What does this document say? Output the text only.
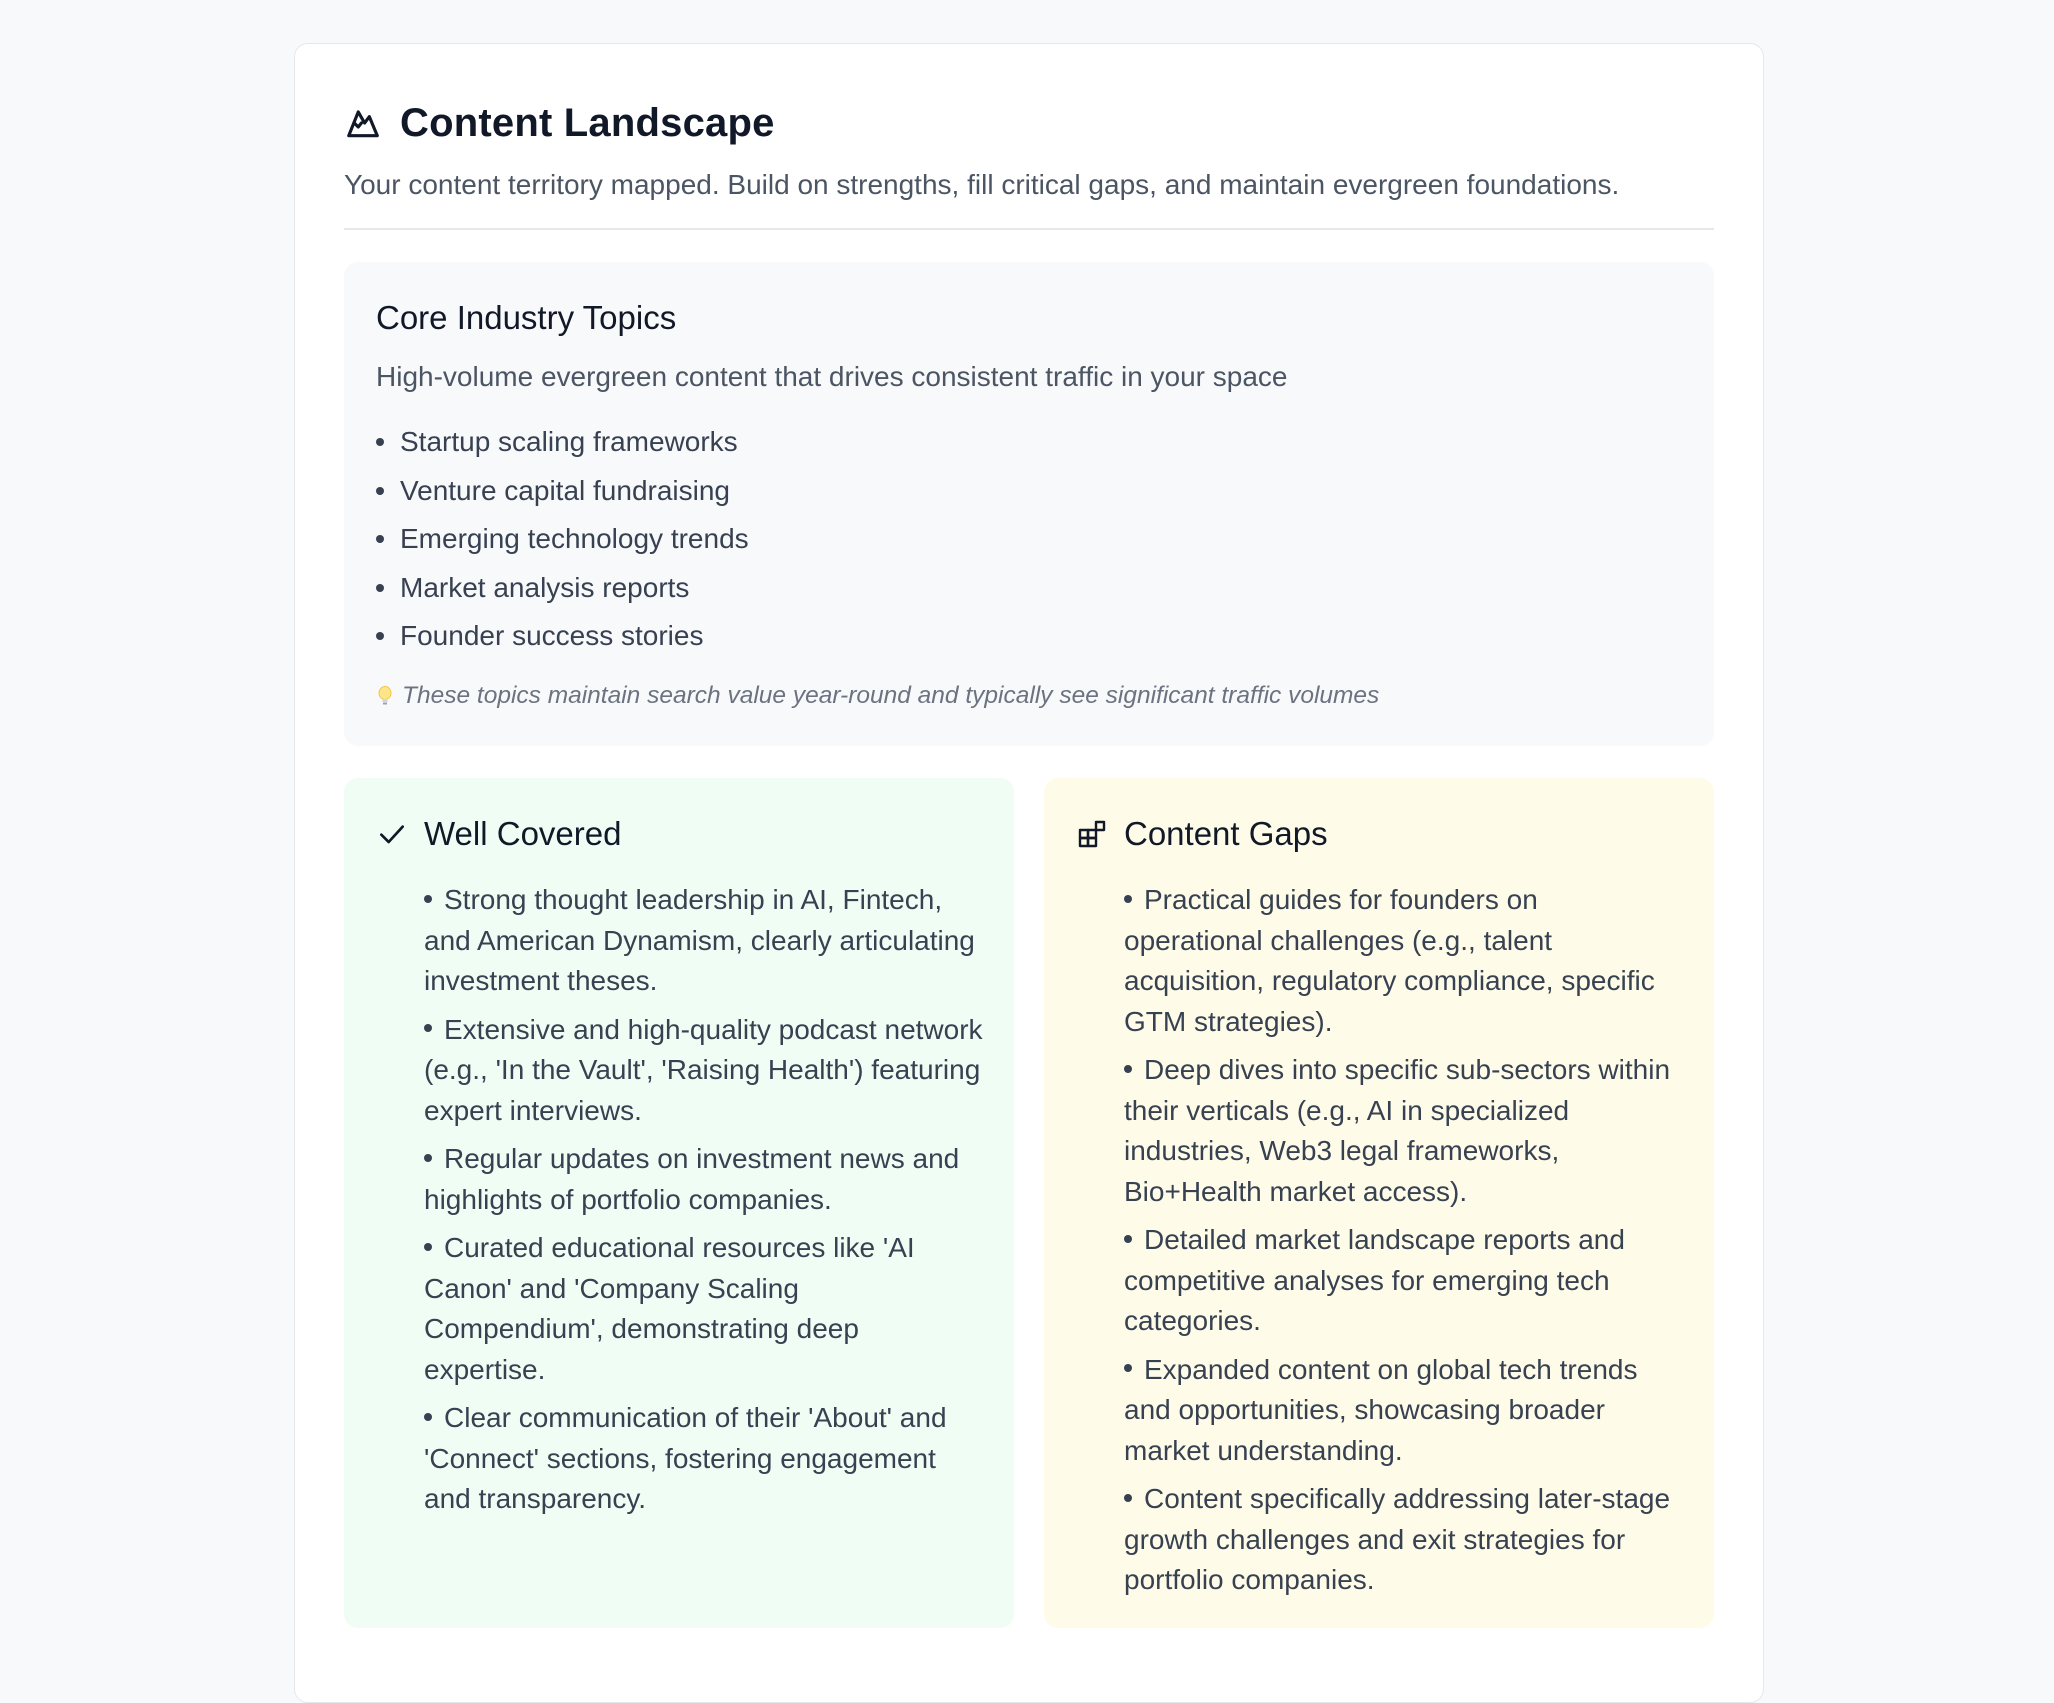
Content Landscape
Your content territory mapped. Build on strengths, fill critical gaps, and maintain evergreen foundations.
Core Industry Topics
High-volume evergreen content that drives consistent traffic in your space
Startup scaling frameworks
Venture capital fundraising
Emerging technology trends
Market analysis reports
Founder success stories
These topics maintain search value year-round and typically see significant traffic volumes
Well Covered
Strong thought leadership in AI, Fintech, and American Dynamism, clearly articulating investment theses.
Extensive and high-quality podcast network (e.g., 'In the Vault', 'Raising Health') featuring expert interviews.
Regular updates on investment news and highlights of portfolio companies.
Curated educational resources like 'AI Canon' and 'Company Scaling Compendium', demonstrating deep expertise.
Clear communication of their 'About' and 'Connect' sections, fostering engagement and transparency.
Content Gaps
Practical guides for founders on operational challenges (e.g., talent acquisition, regulatory compliance, specific GTM strategies).
Deep dives into specific sub-sectors within their verticals (e.g., AI in specialized industries, Web3 legal frameworks, Bio+Health market access).
Detailed market landscape reports and competitive analyses for emerging tech categories.
Expanded content on global tech trends and opportunities, showcasing broader market understanding.
Content specifically addressing later-stage growth challenges and exit strategies for portfolio companies.
